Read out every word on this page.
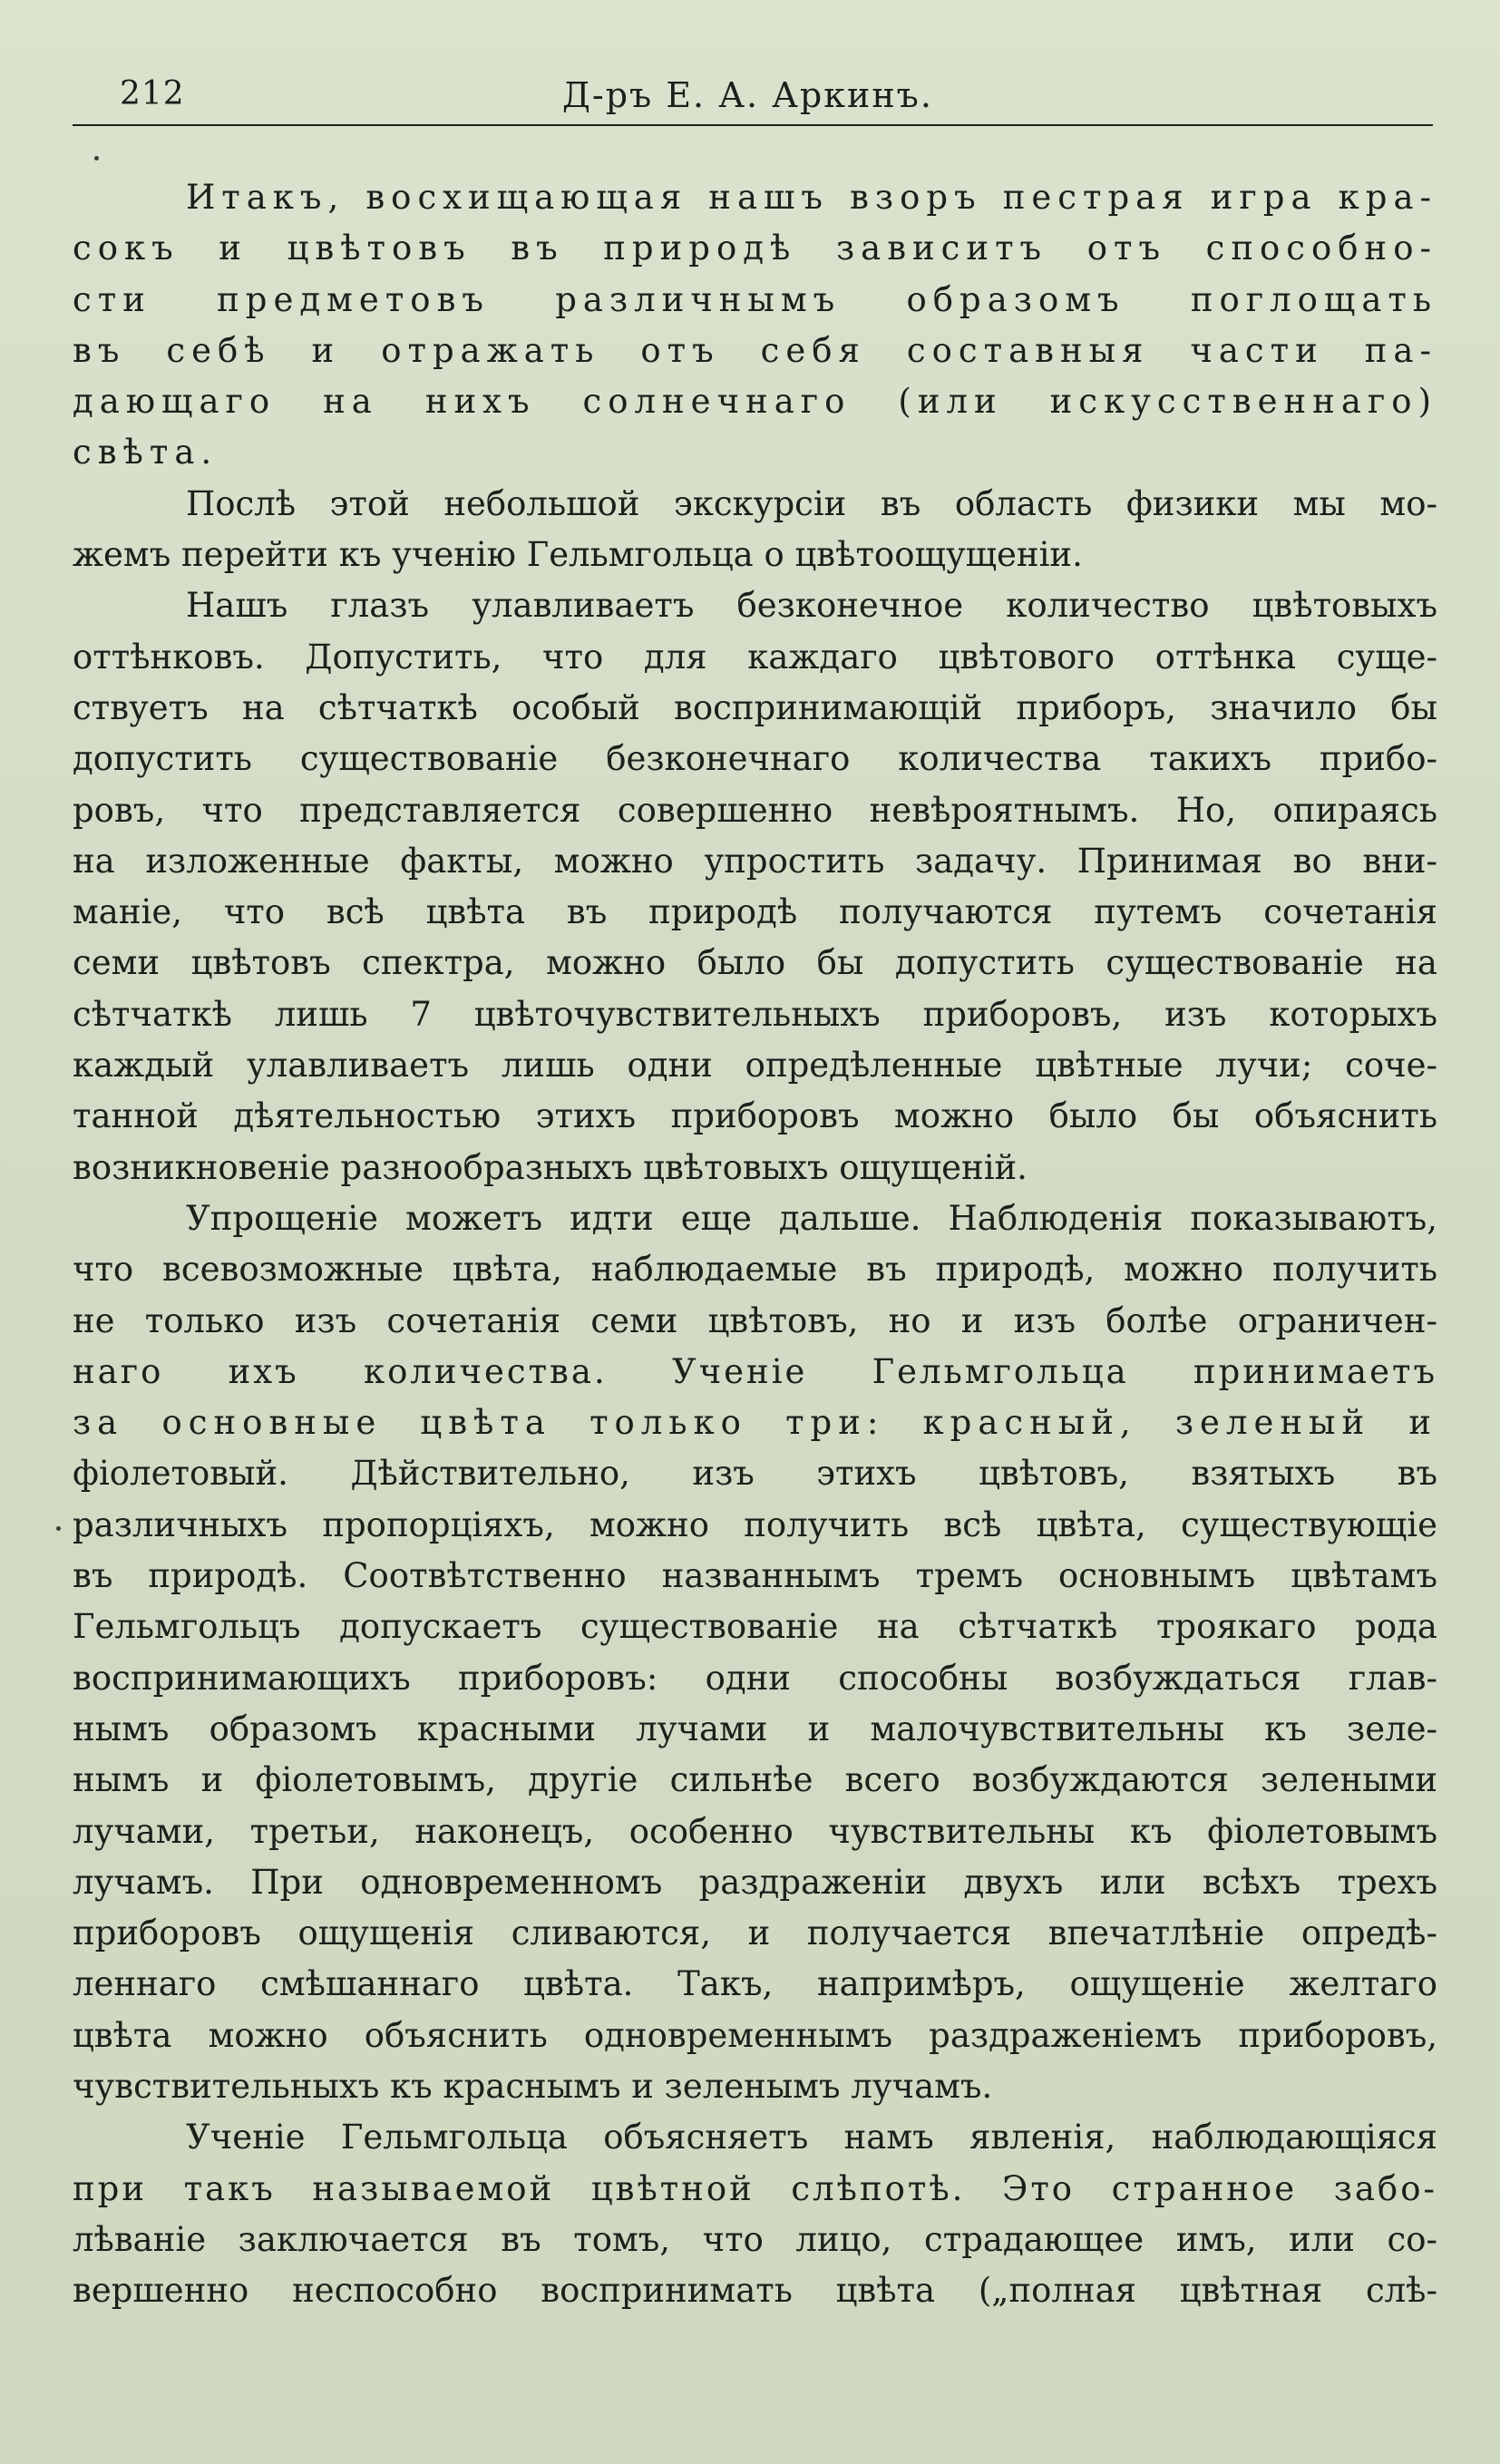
212	Д-ръ Е. А. Аркинъ.
Итакъ, восхищающая нашъ взоръ пестрая игра кра-
сокъ и цвѣтовъ въ природѣ зависитъ отъ способно-
сти предметовъ различнымъ образомъ поглощать
въ себѣ и отражать отъ себя составныя части па-
дающаго на нихъ солнечнаго (или искусственнаго)
свѣта.
Послѣ этой небольшой экскурсіи въ область физики мы мо-
жемъ перейти къ ученію Гельмгольца о цвѣтоощущеніи.
Нашъ глазъ улавливаетъ безконечное количество цвѣтовыхъ
оттѣнковъ. Допустить, что для каждаго цвѣтового оттѣнка суще-
ствуетъ на сѣтчаткѣ особый воспринимающій приборъ, значило бы
допустить существованіе безконечнаго количества такихъ прибо-
ровъ, что представляется совершенно невѣроятнымъ. Но, опираясь
на изложенные факты, можно упростить задачу. Принимая во вни-
маніе, что всѣ цвѣта въ природѣ получаются путемъ сочетанія
семи цвѣтовъ спектра, можно было бы допустить существованіе на
сѣтчаткѣ лишь 7 цвѣточувствительныхъ приборовъ, изъ которыхъ
каждый улавливаетъ лишь одни опредѣленные цвѣтные лучи; соче-
танной дѣятельностью этихъ приборовъ можно было бы объяснить
возникновеніе разнообразныхъ цвѣтовыхъ ощущеній.
Упрощеніе можетъ идти еще дальше. Наблюденія показываютъ,
что всевозможные цвѣта, наблюдаемые въ природѣ, можно получить
не только изъ сочетанія семи цвѣтовъ, но и изъ болѣе ограничен-
наго ихъ количества. Ученіе Гельмгольца принимаетъ
за основные цвѣта только три: красный, зеленый и
фіолетовый. Дѣйствительно, изъ этихъ цвѣтовъ, взятыхъ въ
различныхъ пропорціяхъ, можно получить всѣ цвѣта, существующіе
въ природѣ. Соотвѣтственно названнымъ тремъ основнымъ цвѣтамъ
Гельмгольцъ допускаетъ существованіе на сѣтчаткѣ троякаго рода
воспринимающихъ приборовъ: одни способны возбуждаться глав-
нымъ образомъ красными лучами и малочувствительны къ зеле-
нымъ и фіолетовымъ, другіе сильнѣе всего возбуждаются зелеными
лучами, третьи, наконецъ, особенно чувствительны къ фіолетовымъ
лучамъ. При одновременномъ раздраженіи двухъ или всѣхъ трехъ
приборовъ ощущенія сливаются, и получается впечатлѣніе опредѣ-
леннаго смѣшаннаго цвѣта. Такъ, напримѣръ, ощущеніе желтаго
цвѣта можно объяснить одновременнымъ раздраженіемъ приборовъ,
чувствительныхъ къ краснымъ и зеленымъ лучамъ.
Ученіе Гельмгольца объясняетъ намъ явленія, наблюдающіяся
при такъ называемой цвѣтной слѣпотѣ. Это странное забо-
лѣваніе заключается въ томъ, что лицо, страдающее имъ, или со-
вершенно неспособно воспринимать цвѣта („полная цвѣтная слѣ-
